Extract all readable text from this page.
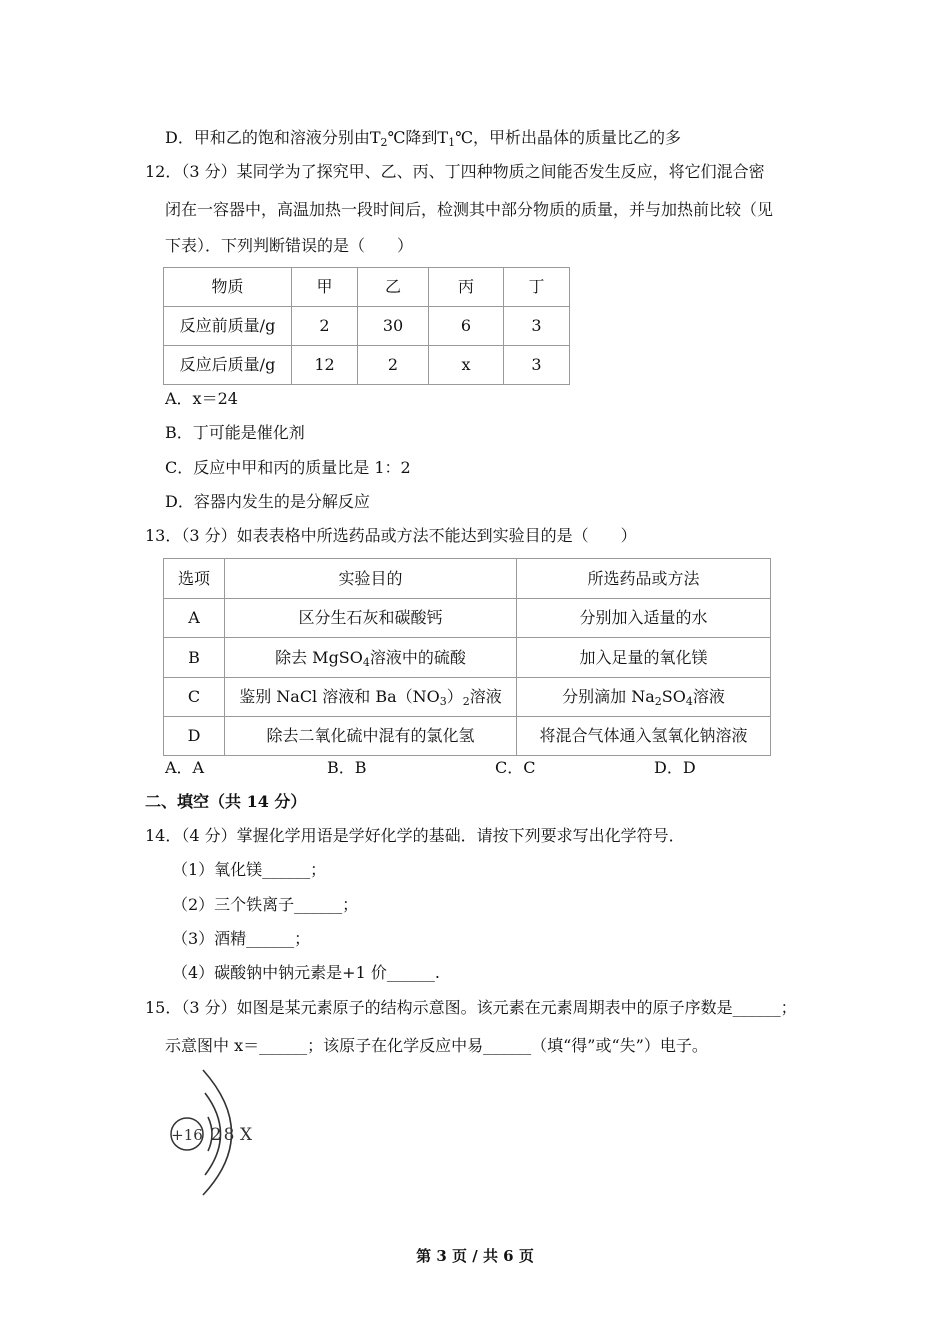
D．甲和乙的饱和溶液分别由$T_2℃$降到$T_1℃$，甲析出晶体的质量比乙的多
12．（3 分）某同学为了探究甲、乙、丙、丁四种物质之间能否发生反应，将它们混合密
闭在一容器中，高温加热一段时间后，检测其中部分物质的质量，并与加热前比较（见
下表）．下列判断错误的是（　　）
物质	甲	乙	丙	丁
反应前质量/g	2	30	6	3
反应后质量/g	12	2	x	3
A．x＝24
B．丁可能是催化剂
C．反应中甲和丙的质量比是 1：2
D．容器内发生的是分解反应
13．（3 分）如表表格中所选药品或方法不能达到实验目的是（　　）
选项	实验目的	所选药品或方法
A	区分生石灰和碳酸钙	分别加入适量的水
B	除去 MgSO$_4$溶液中的硫酸	加入足量的氧化镁
C	鉴别 NaCl 溶液和 $Ba(NO_3)_2$溶液	分别滴加 $Na_2SO_4$溶液
D	除去二氧化硫中混有的氯化氢	将混合气体通入氢氧化钠溶液
A．A	B．B	C．C	D．D
二、填空（共 14 分）
14．（4 分）掌握化学用语是学好化学的基础．请按下列要求写出化学符号．
（1）氧化镁______；
（2）三个铁离子______；
（3）酒精______；
（4）碳酸钠中钠元素是+1 价______.
15．（3 分）如图是某元素原子的结构示意图。该元素在元素周期表中的原子序数是______；
示意图中 x＝______；该原子在化学反应中易______（填“得”或“失”）电子。
+16 2 8 X
第 3 页 / 共 6 页
